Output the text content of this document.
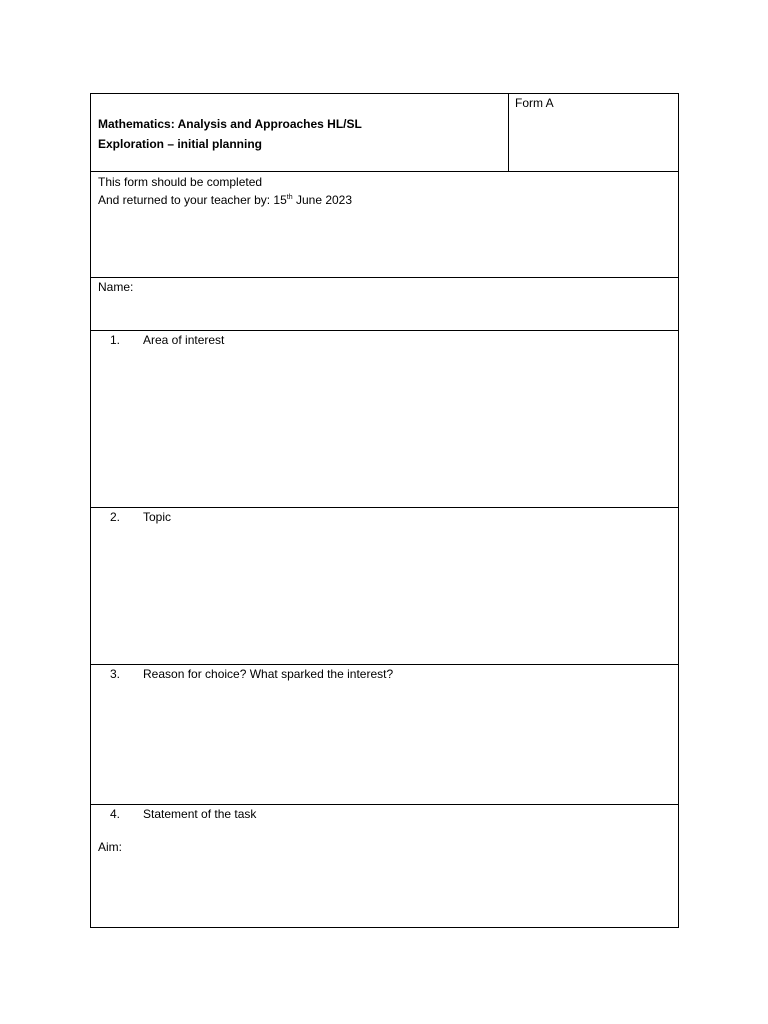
Mathematics: Analysis and Approaches HL/SL
Exploration – initial planning
	Form A

This form should be completed
And returned to your teacher by: 15th June 2023

Name:

1.	Area of interest

2.	Topic

3.	Reason for choice? What sparked the interest?

4.	Statement of the task
Aim:
